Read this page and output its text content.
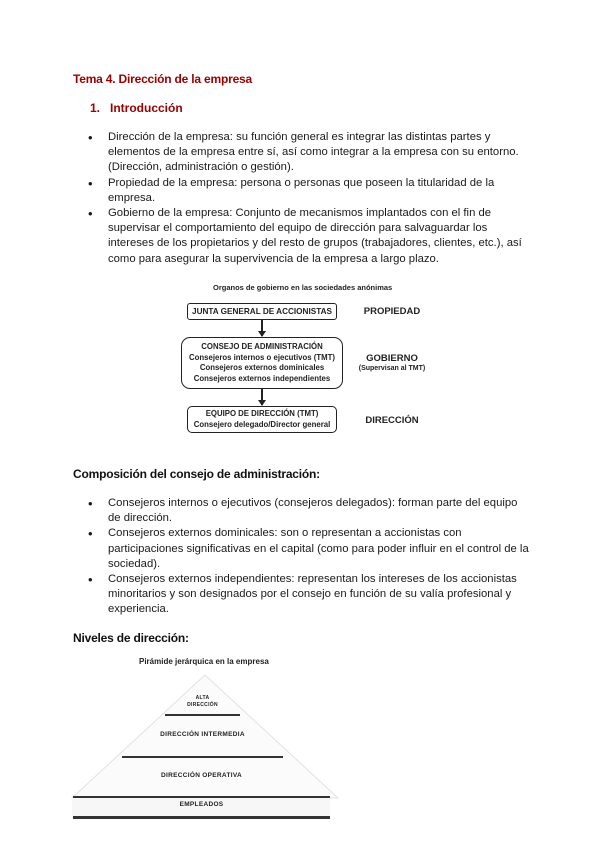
Tema 4. Dirección de la empresa
1. Introducción
• Dirección de la empresa: su función general es integrar las distintas partes y elementos de la empresa entre sí, así como integrar a la empresa con su entorno. (Dirección, administración o gestión).
• Propiedad de la empresa: persona o personas que poseen la titularidad de la empresa.
• Gobierno de la empresa: Conjunto de mecanismos implantados con el fin de supervisar el comportamiento del equipo de dirección para salvaguardar los intereses de los propietarios y del resto de grupos (trabajadores, clientes, etc.), así como para asegurar la supervivencia de la empresa a largo plazo.
Organos de gobierno en las sociedades anónimas
JUNTA GENERAL DE ACCIONISTAS
CONSEJO DE ADMINISTRACIÓN
Consejeros internos o ejecutivos (TMT)
Consejeros externos dominicales
Consejeros externos independientes
EQUIPO DE DIRECCIÓN (TMT)
Consejero delegado/Director general
PROPIEDAD
GOBIERNO
(Supervisan al TMT)
DIRECCIÓN
Composición del consejo de administración:
• Consejeros internos o ejecutivos (consejeros delegados): forman parte del equipo de dirección.
• Consejeros externos dominicales: son o representan a accionistas con participaciones significativas en el capital (como para poder influir en el control de la sociedad).
• Consejeros externos independientes: representan los intereses de los accionistas minoritarios y son designados por el consejo en función de su valía profesional y experiencia.
Niveles de dirección:
Pirámide jerárquica en la empresa
ALTA
DIRECCIÓN
DIRECCIÓN INTERMEDIA
DIRECCIÓN OPERATIVA
EMPLEADOS
